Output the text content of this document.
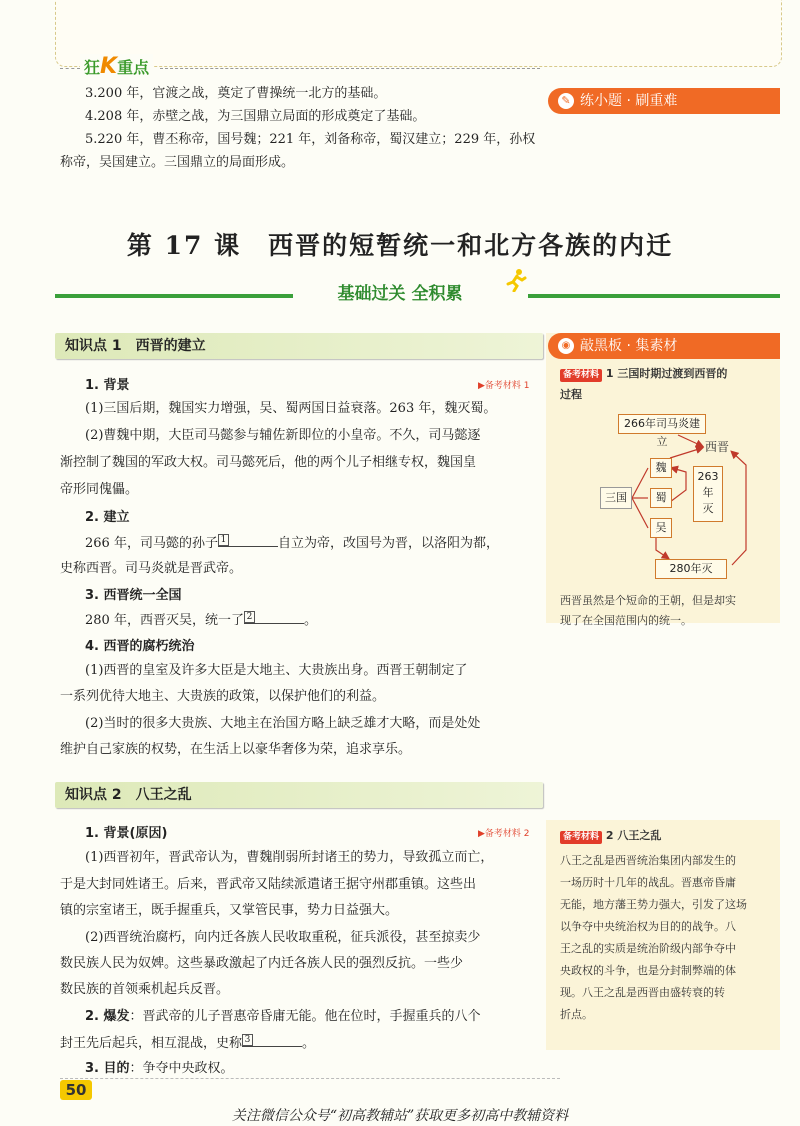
狂K重点
3.200 年，官渡之战，奠定了曹操统一北方的基础。
4.208 年，赤壁之战，为三国鼎立局面的形成奠定了基础。
5.220 年，曹丕称帝，国号魏；221 年，刘备称帝，蜀汉建立；229 年，孙权
称帝，吴国建立。三国鼎立的局面形成。
✎ 练小题 · 刷重难
第 17 课　西晋的短暂统一和北方各族的内迁
基础过关 全积累
知识点 1　西晋的建立
1. 背景	▶备考材料 1
(1)三国后期，魏国实力增强，吴、蜀两国日益衰落。263 年，魏灭蜀。
(2)曹魏中期，大臣司马懿参与辅佐新即位的小皇帝。不久，司马懿逐
渐控制了魏国的军政大权。司马懿死后，他的两个儿子相继专权，魏国皇
帝形同傀儡。
2. 建立
266 年，司马懿的孙子 1	自立为帝，改国号为晋，以洛阳为都，
史称西晋。司马炎就是晋武帝。
3. 西晋统一全国
280 年，西晋灭吴，统一了 2	。
4. 西晋的腐朽统治
(1)西晋的皇室及许多大臣是大地主、大贵族出身。西晋王朝制定了
一系列优待大地主、大贵族的政策，以保护他们的利益。
(2)当时的很多大贵族、大地主在治国方略上缺乏雄才大略，而是处处
维护自己家族的权势，在生活上以豪华奢侈为荣，追求享乐。
知识点 2　八王之乱
1. 背景(原因)	▶备考材料 2
(1)西晋初年，晋武帝认为，曹魏削弱所封诸王的势力，导致孤立而亡，
于是大封同姓诸王。后来，晋武帝又陆续派遣诸王据守州郡重镇。这些出
镇的宗室诸王，既手握重兵，又掌管民事，势力日益强大。
(2)西晋统治腐朽，向内迁各族人民收取重税，征兵派役，甚至掠卖少
数民族人民为奴婢。这些暴政激起了内迁各族人民的强烈反抗。一些少
数民族的首领乘机起兵反晋。
2. 爆发：晋武帝的儿子晋惠帝昏庸无能。他在位时，手握重兵的八个
封王先后起兵，相互混战，史称 3	。
3. 目的：争夺中央政权。
◉ 敲黑板 · 集素材
备考材料 1 三国时期过渡到西晋的
过程
266年司马炎建立	西晋
三国
魏
蜀
吴
263
年
灭
280年灭
西晋虽然是个短命的王朝，但是却实
现了在全国范围内的统一。
备考材料 2 八王之乱
八王之乱是西晋统治集团内部发生的
一场历时十几年的战乱。晋惠帝昏庸
无能，地方藩王势力强大，引发了这场
以争夺中央统治权为目的的战争。八
王之乱的实质是统治阶级内部争夺中
央政权的斗争，也是分封制弊端的体
现。八王之乱是西晋由盛转衰的转
折点。
50
关注微信公众号“初高教辅站”获取更多初高中教辅资料
